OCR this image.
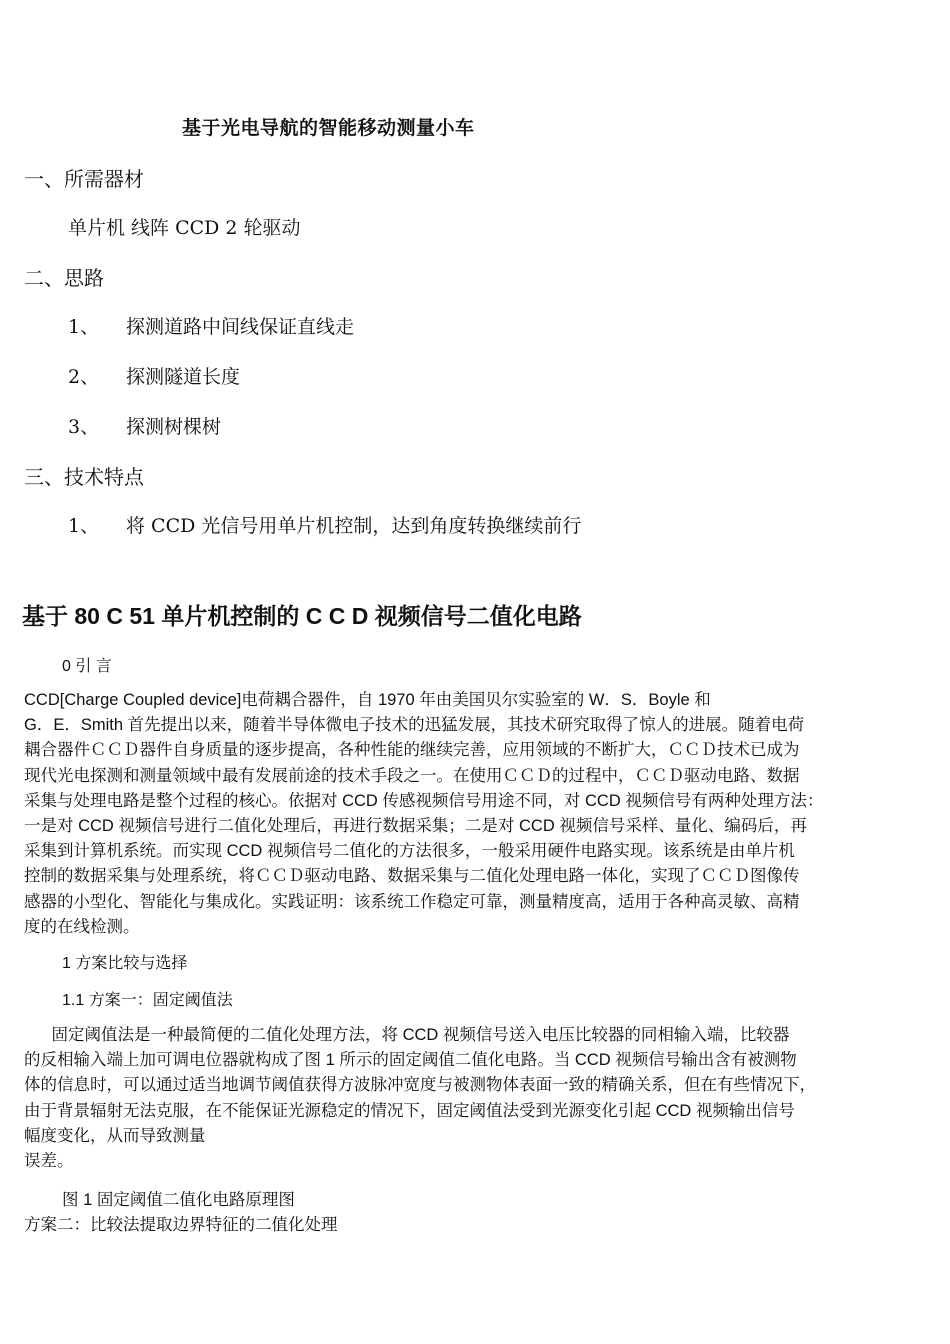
基于光电导航的智能移动测量小车
一、所需器材
单片机 线阵 CCD 2 轮驱动
二、思路
1、 探测道路中间线保证直线走
2、 探测隧道长度
3、 探测树棵树
三、技术特点
1、 将 CCD 光信号用单片机控制，达到角度转换继续前行
基于 80 C 51 单片机控制的 C C D 视频信号二值化电路
0 引 言

CCD[Charge Coupled device]电荷耦合器件，自 1970 年由美国贝尔实验室的 W．S．Boyle 和

G．E．Smith 首先提出以来，随着半导体微电子技术的迅猛发展，其技术研究取得了惊人的进展。随着电荷

耦合器件ＣＣＤ器件自身质量的逐步提高，各种性能的继续完善，应用领域的不断扩大，ＣＣＤ技术已成为

现代光电探测和测量领域中最有发展前途的技术手段之一。在使用ＣＣＤ的过程中，ＣＣＤ驱动电路、数据

采集与处理电路是整个过程的核心。依据对 CCD 传感视频信号用途不同，对 CCD 视频信号有两种处理方法：

一是对 CCD 视频信号进行二值化处理后，再进行数据采集；二是对 CCD 视频信号采样、量化、编码后，再

采集到计算机系统。而实现 CCD 视频信号二值化的方法很多，一般采用硬件电路实现。该系统是由单片机

控制的数据采集与处理系统，将ＣＣＤ驱动电路、数据采集与二值化处理电路一体化，实现了ＣＣＤ图像传

感器的小型化、智能化与集成化。实践证明：该系统工作稳定可靠，测量精度高，适用于各种高灵敏、高精

度的在线检测。

1 方案比较与选择
1.1 方案一：固定阈值法

固定阈值法是一种最简便的二值化处理方法，将 CCD 视频信号送入电压比较器的同相输入端，比较器

的反相输入端上加可调电位器就构成了图 1 所示的固定阈值二值化电路。当 CCD 视频信号输出含有被测物

体的信息时，可以通过适当地调节阈值获得方波脉冲宽度与被测物体表面一致的精确关系，但在有些情况下，

由于背景辐射无法克服，在不能保证光源稳定的情况下，固定阈值法受到光源变化引起 CCD 视频输出信号

幅度变化，从而导致测量

误差。

图 1 固定阈值二值化电路原理图
方案二：比较法提取边界特征的二值化处理
